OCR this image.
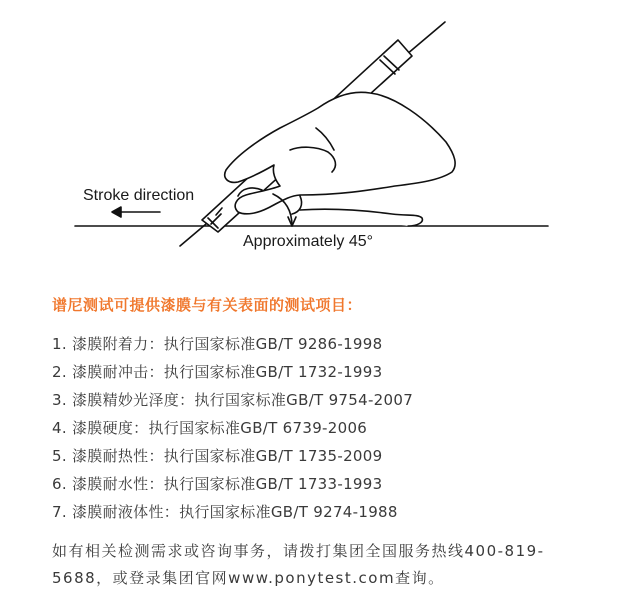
Stroke direction
Approximately 45°
谱尼测试可提供漆膜与有关表面的测试项目：
1. 漆膜附着力：执行国家标准GB/T 9286-1998
2. 漆膜耐冲击：执行国家标准GB/T 1732-1993
3. 漆膜精妙光泽度：执行国家标准GB/T 9754-2007
4. 漆膜硬度：执行国家标准GB/T 6739-2006
5. 漆膜耐热性：执行国家标准GB/T 1735-2009
6. 漆膜耐水性：执行国家标准GB/T 1733-1993
7. 漆膜耐液体性：执行国家标准GB/T 9274-1988
如有相关检测需求或咨询事务，请拨打集团全国服务热线400-819-5688，或登录集团官网www.ponytest.com查询。
